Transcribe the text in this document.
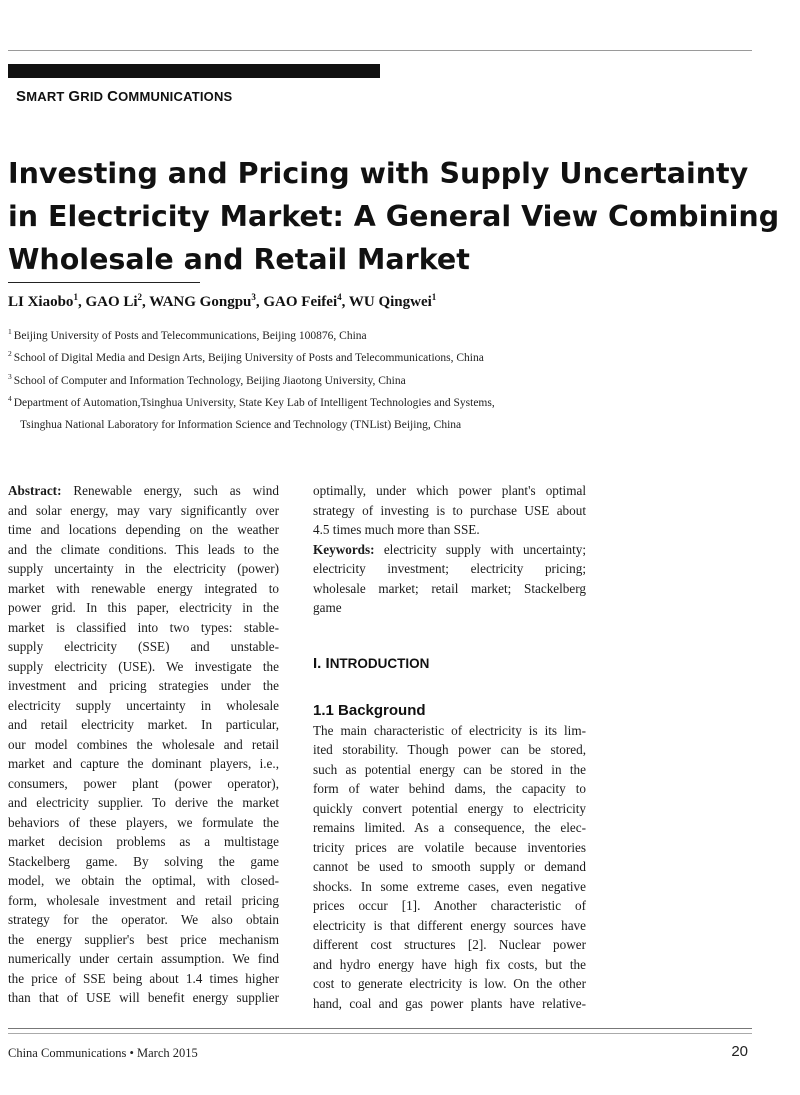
SMART GRID COMMUNICATIONS
Investing and Pricing with Supply Uncertainty
in Electricity Market: A General View Combining
Wholesale and Retail Market
LI Xiaobo$^1$, GAO Li$^2$, WANG Gongpu$^3$, GAO Feifei$^4$, WU Qingwei$^1$
$^1$ Beijing University of Posts and Telecommunications, Beijing 100876, China
$^2$ School of Digital Media and Design Arts, Beijing University of Posts and Telecommunications, China
$^3$ School of Computer and Information Technology, Beijing Jiaotong University, China
$^4$ Department of Automation,Tsinghua University, State Key Lab of Intelligent Technologies and Systems,
Tsinghua National Laboratory for Information Science and Technology (TNList) Beijing, China

Abstract: Renewable energy, such as wind
and solar energy, may vary significantly over
time and locations depending on the weather
and the climate conditions. This leads to the
supply uncertainty in the electricity (power)
market with renewable energy integrated to
power grid. In this paper, electricity in the
market is classified into two types: stable-
supply electricity (SSE) and unstable-
supply electricity (USE). We investigate the
investment and pricing strategies under the
electricity supply uncertainty in wholesale
and retail electricity market. In particular,
our model combines the wholesale and retail
market and capture the dominant players, i.e.,
consumers, power plant (power operator),
and electricity supplier. To derive the market
behaviors of these players, we formulate the
market decision problems as a multistage
Stackelberg game. By solving the game
model, we obtain the optimal, with closed-
form, wholesale investment and retail pricing
strategy for the operator. We also obtain
the energy supplier's best price mechanism
numerically under certain assumption. We find
the price of SSE being about 1.4 times higher
than that of USE will benefit energy supplier

optimally, under which power plant's optimal
strategy of investing is to purchase USE about
4.5 times much more than SSE.

Keywords: electricity supply with uncertainty;
electricity investment; electricity pricing;
wholesale market; retail market; Stackelberg
game

I. INTRODUCTION

1.1 Background

The main characteristic of electricity is its lim-
ited storability. Though power can be stored,
such as potential energy can be stored in the
form of water behind dams, the capacity to
quickly convert potential energy to electricity
remains limited. As a consequence, the elec-
tricity prices are volatile because inventories
cannot be used to smooth supply or demand
shocks. In some extreme cases, even negative
prices occur [1]. Another characteristic of
electricity is that different energy sources have
different cost structures [2]. Nuclear power
and hydro energy have high fix costs, but the
cost to generate electricity is low. On the other
hand, coal and gas power plants have relative-

China Communications • March 2015	20
